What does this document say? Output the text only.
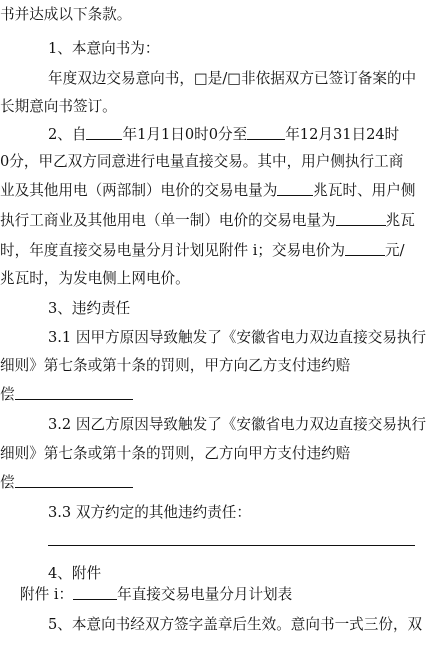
书并达成以下条款。
1、本意向书为：
年度双边交易意向书，□是/□非依据双方已签订备案的中
长期意向书签订。
2、自 年1月1日0时0分至	年12月31日24时
0分，甲乙双方同意进行电量直接交易。其中，用户侧执行工商
业及其他用电（两部制）电价的交易电量为 兆瓦时、用户侧
执行工商业及其他用电（单一制）电价的交易电量为	兆瓦
时，年度直接交易电量分月计划见附件 i；交易电价为	元/
兆瓦时，为发电侧上网电价。
3、违约责任
3.1 因甲方原因导致触发了《安徽省电力双边直接交易执行
细则》第七条或第十条的罚则，甲方向乙方支付违约赔
偿
3.2 因乙方原因导致触发了《安徽省电力双边直接交易执行
细则》第七条或第十条的罚则，乙方向甲方支付违约赔
偿
3.3 双方约定的其他违约责任：
4、附件
附件 i：	年直接交易电量分月计划表
5、本意向书经双方签字盖章后生效。意向书一式三份，双
